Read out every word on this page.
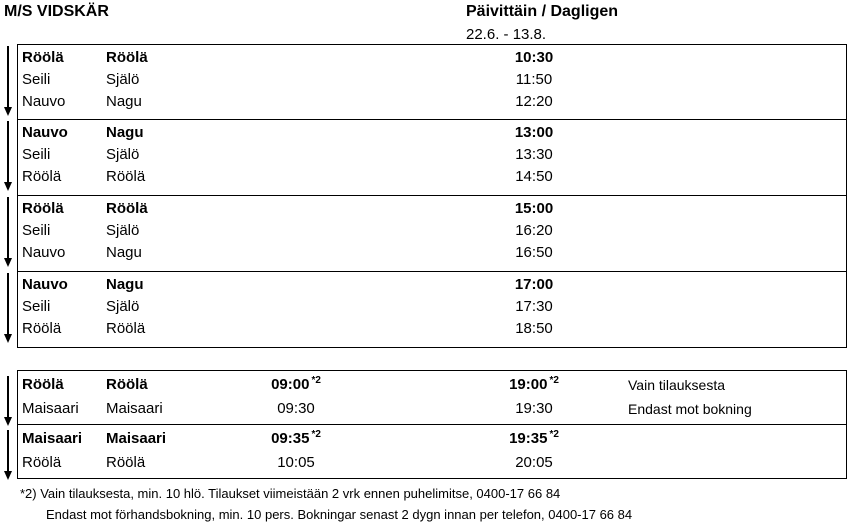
M/S VIDSKÄR	Päivittäin / Dagligen
22.6. - 13.8.
Röölä	Röölä	10:30
Seili	Själö	11:50
Nauvo	Nagu	12:20
Nauvo	Nagu	13:00
Seili	Själö	13:30
Röölä	Röölä	14:50
Röölä	Röölä	15:00
Seili	Själö	16:20
Nauvo	Nagu	16:50
Nauvo	Nagu	17:00
Seili	Själö	17:30
Röölä	Röölä	18:50
Röölä	Röölä	09:00 $^{*2}$	19:00 $^{*2}$	Vain tilauksesta
Maisaari Maisaari	09:30	19:30	Endast mot bokning
Maisaari Maisaari	09:35 $^{*2}$	19:35 $^{*2}$
Röölä	Röölä	10:05	20:05
*2) Vain tilauksesta, min. 10 hlö. Tilaukset viimeistään 2 vrk ennen puhelimitse, 0400-17 66 84
Endast mot förhandsbokning, min. 10 pers. Bokningar senast 2 dygn innan per telefon, 0400-17 66 84
